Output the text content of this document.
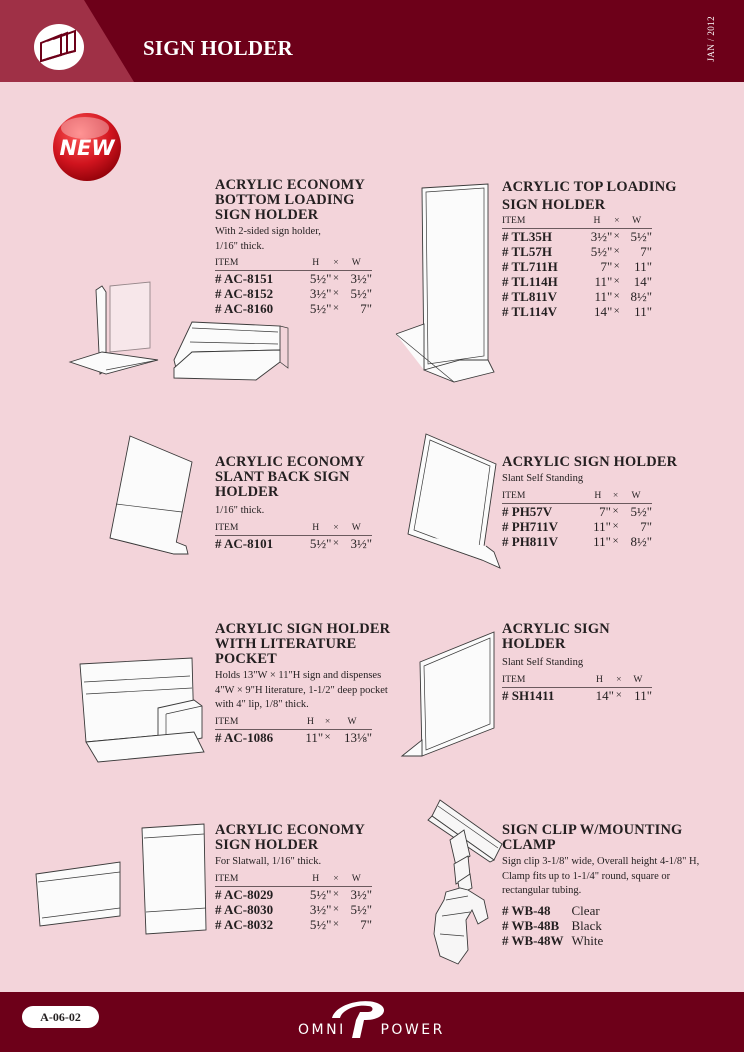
SIGN HOLDER	JAN / 2012
NEW
ACRYLIC ECONOMY
BOTTOM LOADING
SIGN HOLDER
With 2-sided sign holder,
1/16" thick.
ITEM	H	×	W
# AC-8151	5½"	×	3½"
# AC-8152	3½"	×	5½"
# AC-8160	5½"	×	7"
ACRYLIC TOP LOADING
SIGN HOLDER
ITEM	H	×	W
# TL35H	3½"	×	5½"
# TL57H	5½"	×	7"
# TL711H	7"	×	11"
# TL114H	11"	×	14"
# TL811V	11"	×	8½"
# TL114V	14"	×	11"
ACRYLIC ECONOMY
SLANT BACK SIGN
HOLDER
1/16" thick.
ITEM	H	×	W
# AC-8101	5½"	×	3½"
ACRYLIC SIGN HOLDER
Slant Self Standing
ITEM	H	×	W
# PH57V	7"	×	5½"
# PH711V	11"	×	7"
# PH811V	11"	×	8½"
ACRYLIC SIGN HOLDER
WITH LITERATURE
POCKET
Holds 13"W × 11"H sign and dispenses
4"W × 9"H literature, 1-1/2" deep pocket
with 4" lip, 1/8" thick.
ITEM	H	×	W
# AC-1086	11"	×	13⅛"
ACRYLIC SIGN
HOLDER
Slant Self Standing
ITEM	H	×	W
# SH1411	14"	×	11"
ACRYLIC ECONOMY
SIGN HOLDER
For Slatwall, 1/16" thick.
ITEM	H	×	W
# AC-8029	5½"	×	3½"
# AC-8030	3½"	×	5½"
# AC-8032	5½"	×	7"
SIGN CLIP W/MOUNTING
CLAMP
Sign clip 3-1/8" wide, Overall height 4-1/8" H,
Clamp fits up to 1-1/4" round, square or
rectangular tubing.
# WB-48	Clear
# WB-48B	Black
# WB-48W	White
A-06-02
OMNI POWER
